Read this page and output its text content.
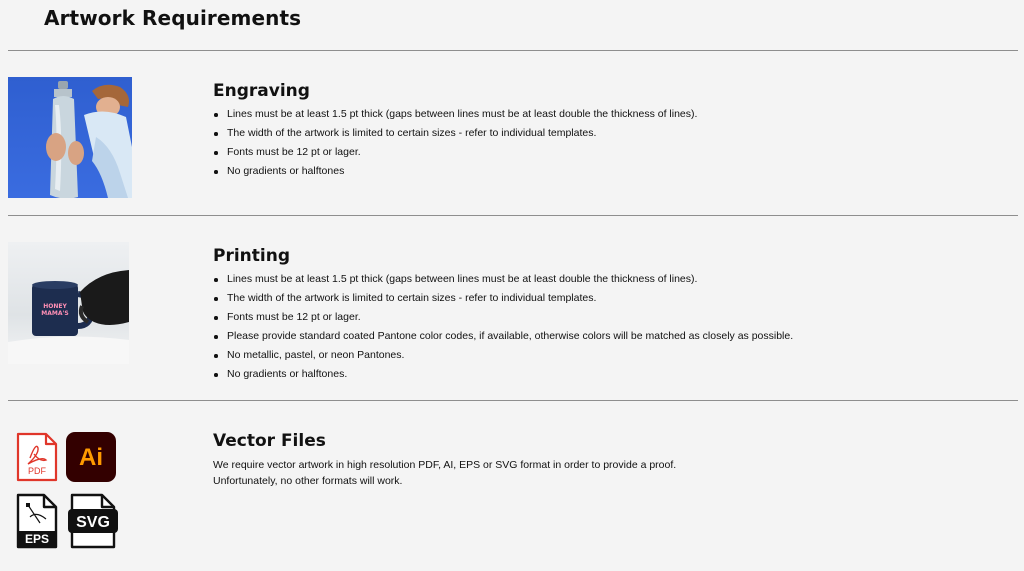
Artwork Requirements
Engraving
Lines must be at least 1.5 pt thick (gaps between lines must be at least double the thickness of lines).
The width of the artwork is limited to certain sizes - refer to individual templates.
Fonts must be 12 pt or lager.
No gradients or halftones
HONEY
MAMA'S
Printing
Lines must be at least 1.5 pt thick (gaps between lines must be at least double the thickness of lines).
The width of the artwork is limited to certain sizes - refer to individual templates.
Fonts must be 12 pt or lager.
Please provide standard coated Pantone color codes, if available, otherwise colors will be matched as closely as possible.
No metallic, pastel, or neon Pantones.
No gradients or halftones.
PDF Ai
EPS
SVG
Vector Files

We require vector artwork in high resolution PDF, AI, EPS or SVG format in order to provide a proof.

Unfortunately, no other formats will work.
